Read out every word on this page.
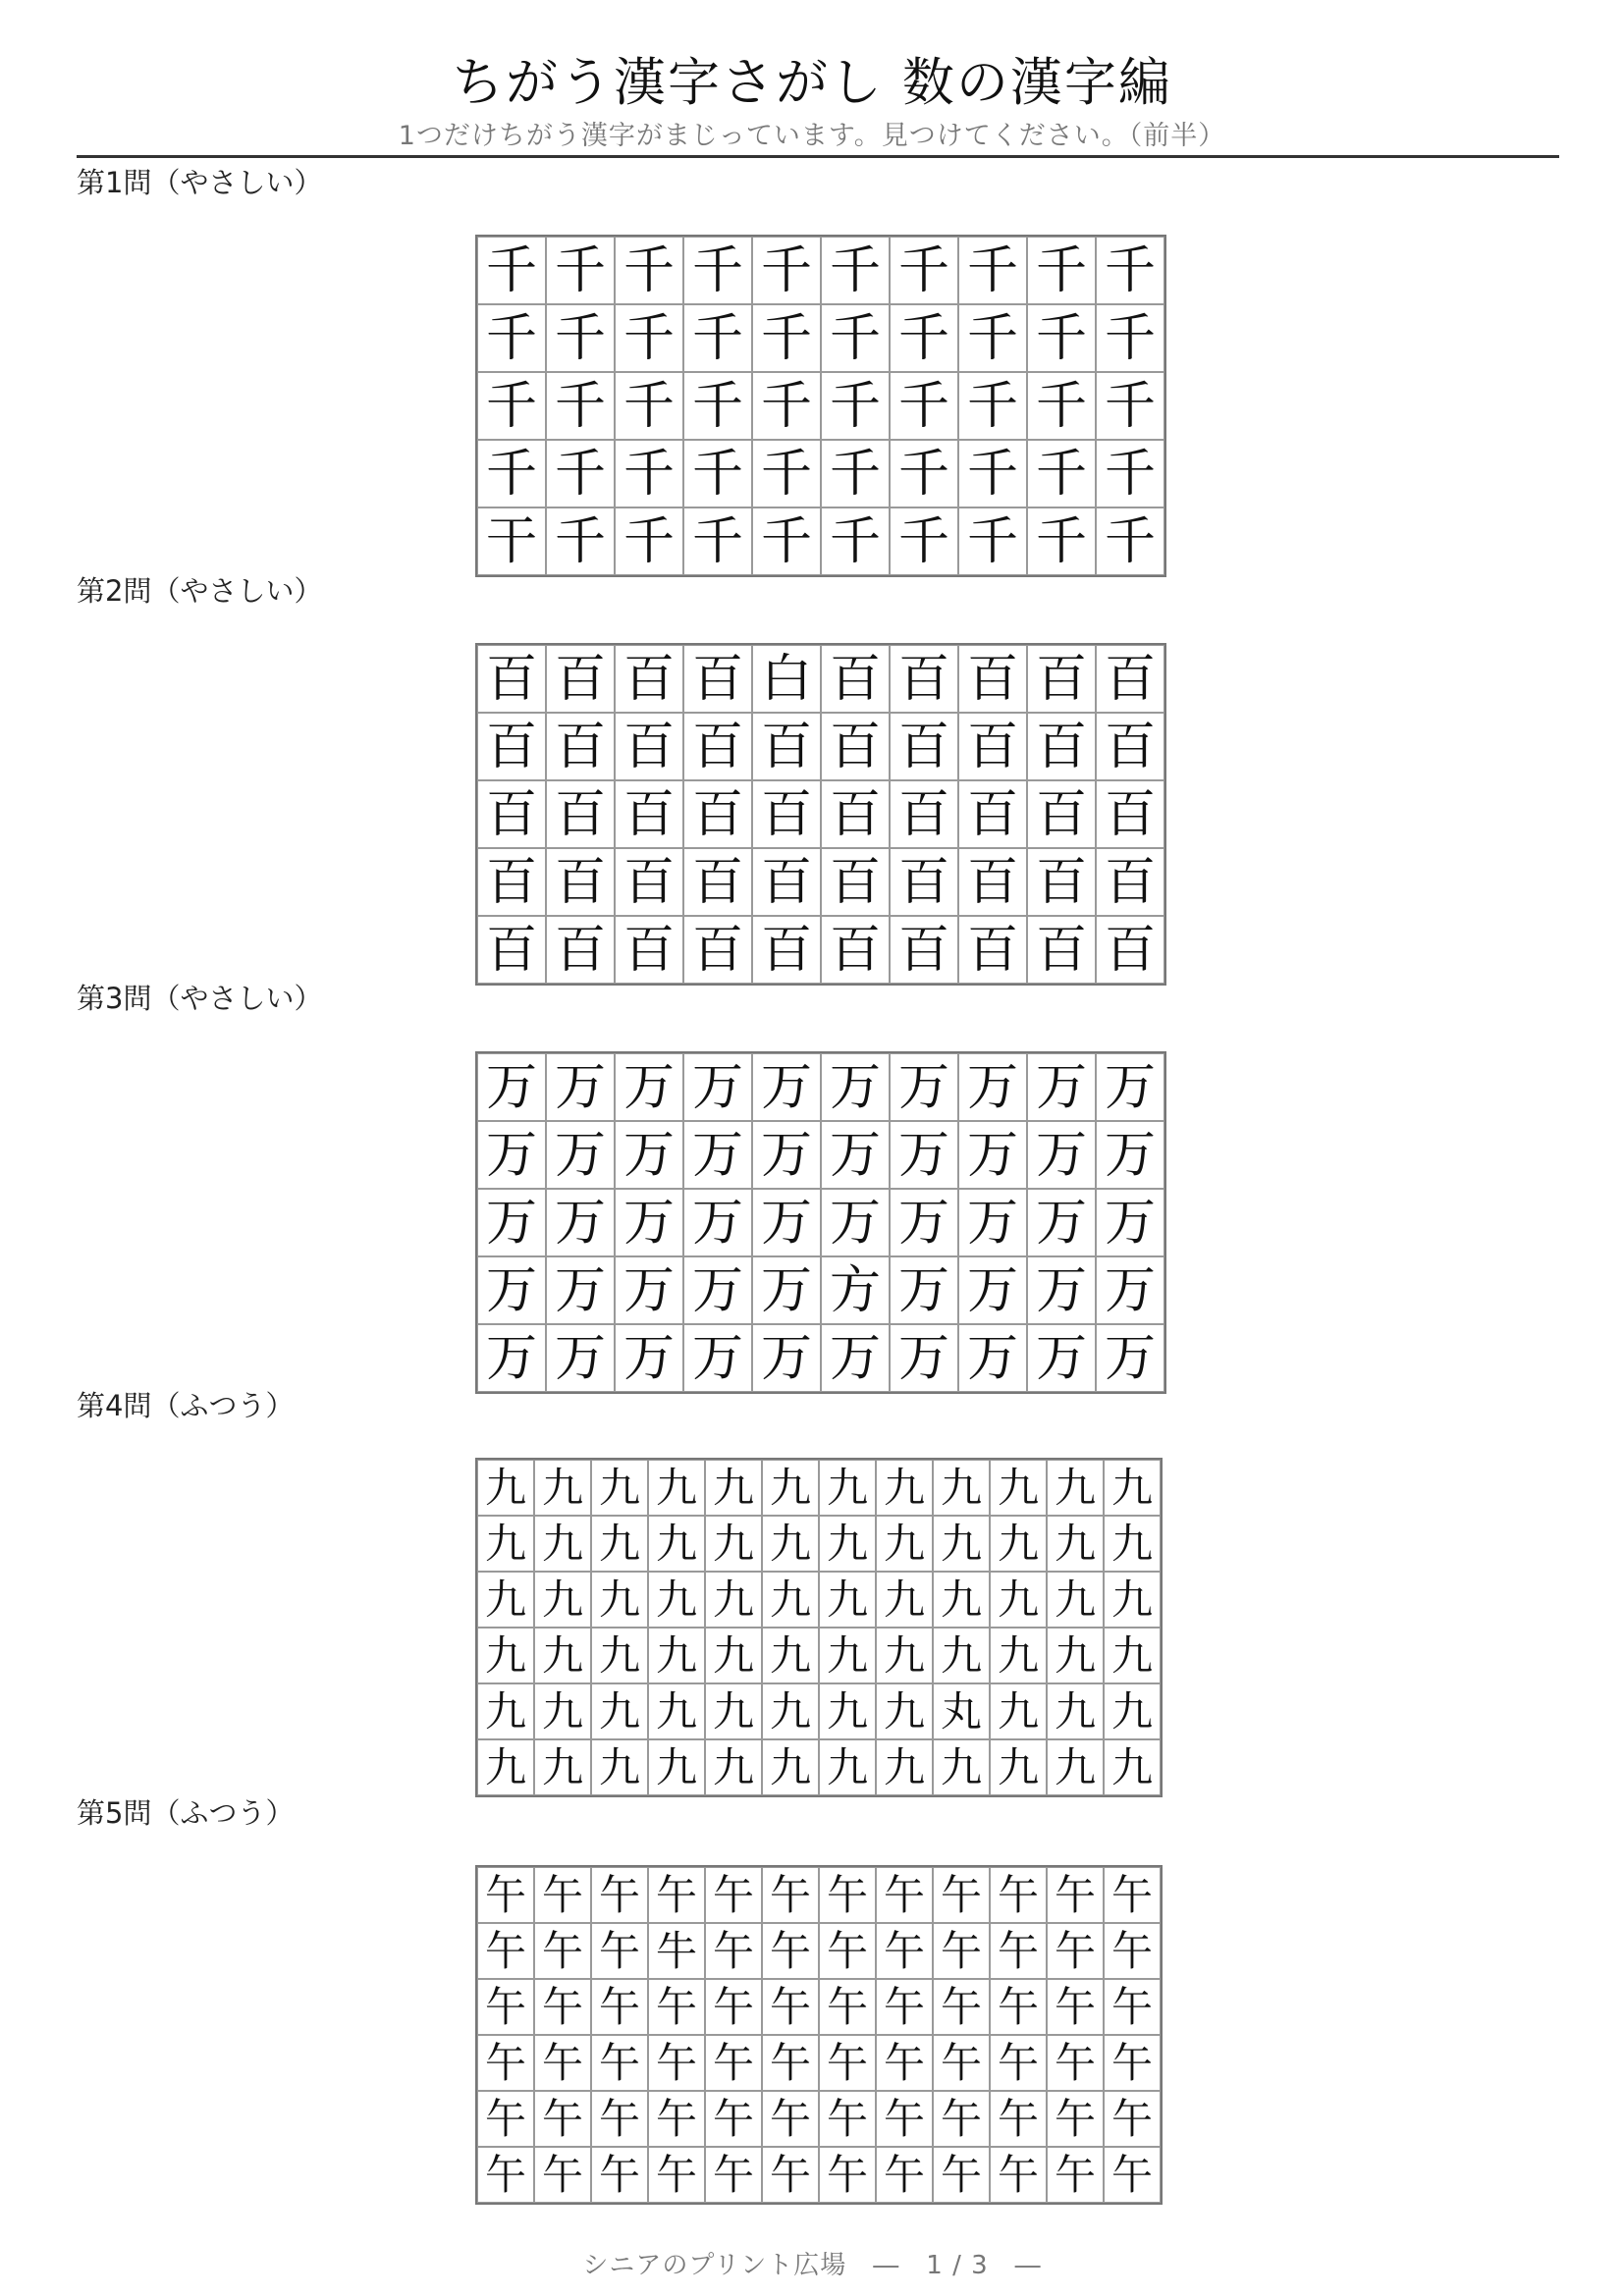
ちがう漢字さがし 数の漢字編
1つだけちがう漢字がまじっています。見つけてください。（前半）
第1問（やさしい）
千 千 千 千 千 千 千 千 千 千
千 千 千 千 千 千 千 千 千 千
千 千 千 千 千 千 千 千 千 千
千 千 千 千 千 千 千 千 千 千
干 千 千 千 千 千 千 千 千 千
第2問（やさしい）
百 百 百 百 白 百 百 百 百 百
百 百 百 百 百 百 百 百 百 百
百 百 百 百 百 百 百 百 百 百
百 百 百 百 百 百 百 百 百 百
百 百 百 百 百 百 百 百 百 百
第3問（やさしい）
万 万 万 万 万 万 万 万 万 万
万 万 万 万 万 万 万 万 万 万
万 万 万 万 万 万 万 万 万 万
万 万 万 万 万 方 万 万 万 万
万 万 万 万 万 万 万 万 万 万
第4問（ふつう）
九 九 九 九 九 九 九 九 九 九 九 九
九 九 九 九 九 九 九 九 九 九 九 九
九 九 九 九 九 九 九 九 九 九 九 九
九 九 九 九 九 九 九 九 九 九 九 九
九 九 九 九 九 九 九 九 丸 九 九 九
九 九 九 九 九 九 九 九 九 九 九 九
第5問（ふつう）
午 午 午 午 午 午 午 午 午 午 午 午
午 午 午 牛 午 午 午 午 午 午 午 午
午 午 午 午 午 午 午 午 午 午 午 午
午 午 午 午 午 午 午 午 午 午 午 午
午 午 午 午 午 午 午 午 午 午 午 午
午 午 午 午 午 午 午 午 午 午 午 午
シニアのプリント広場　―　1 / 3　―
